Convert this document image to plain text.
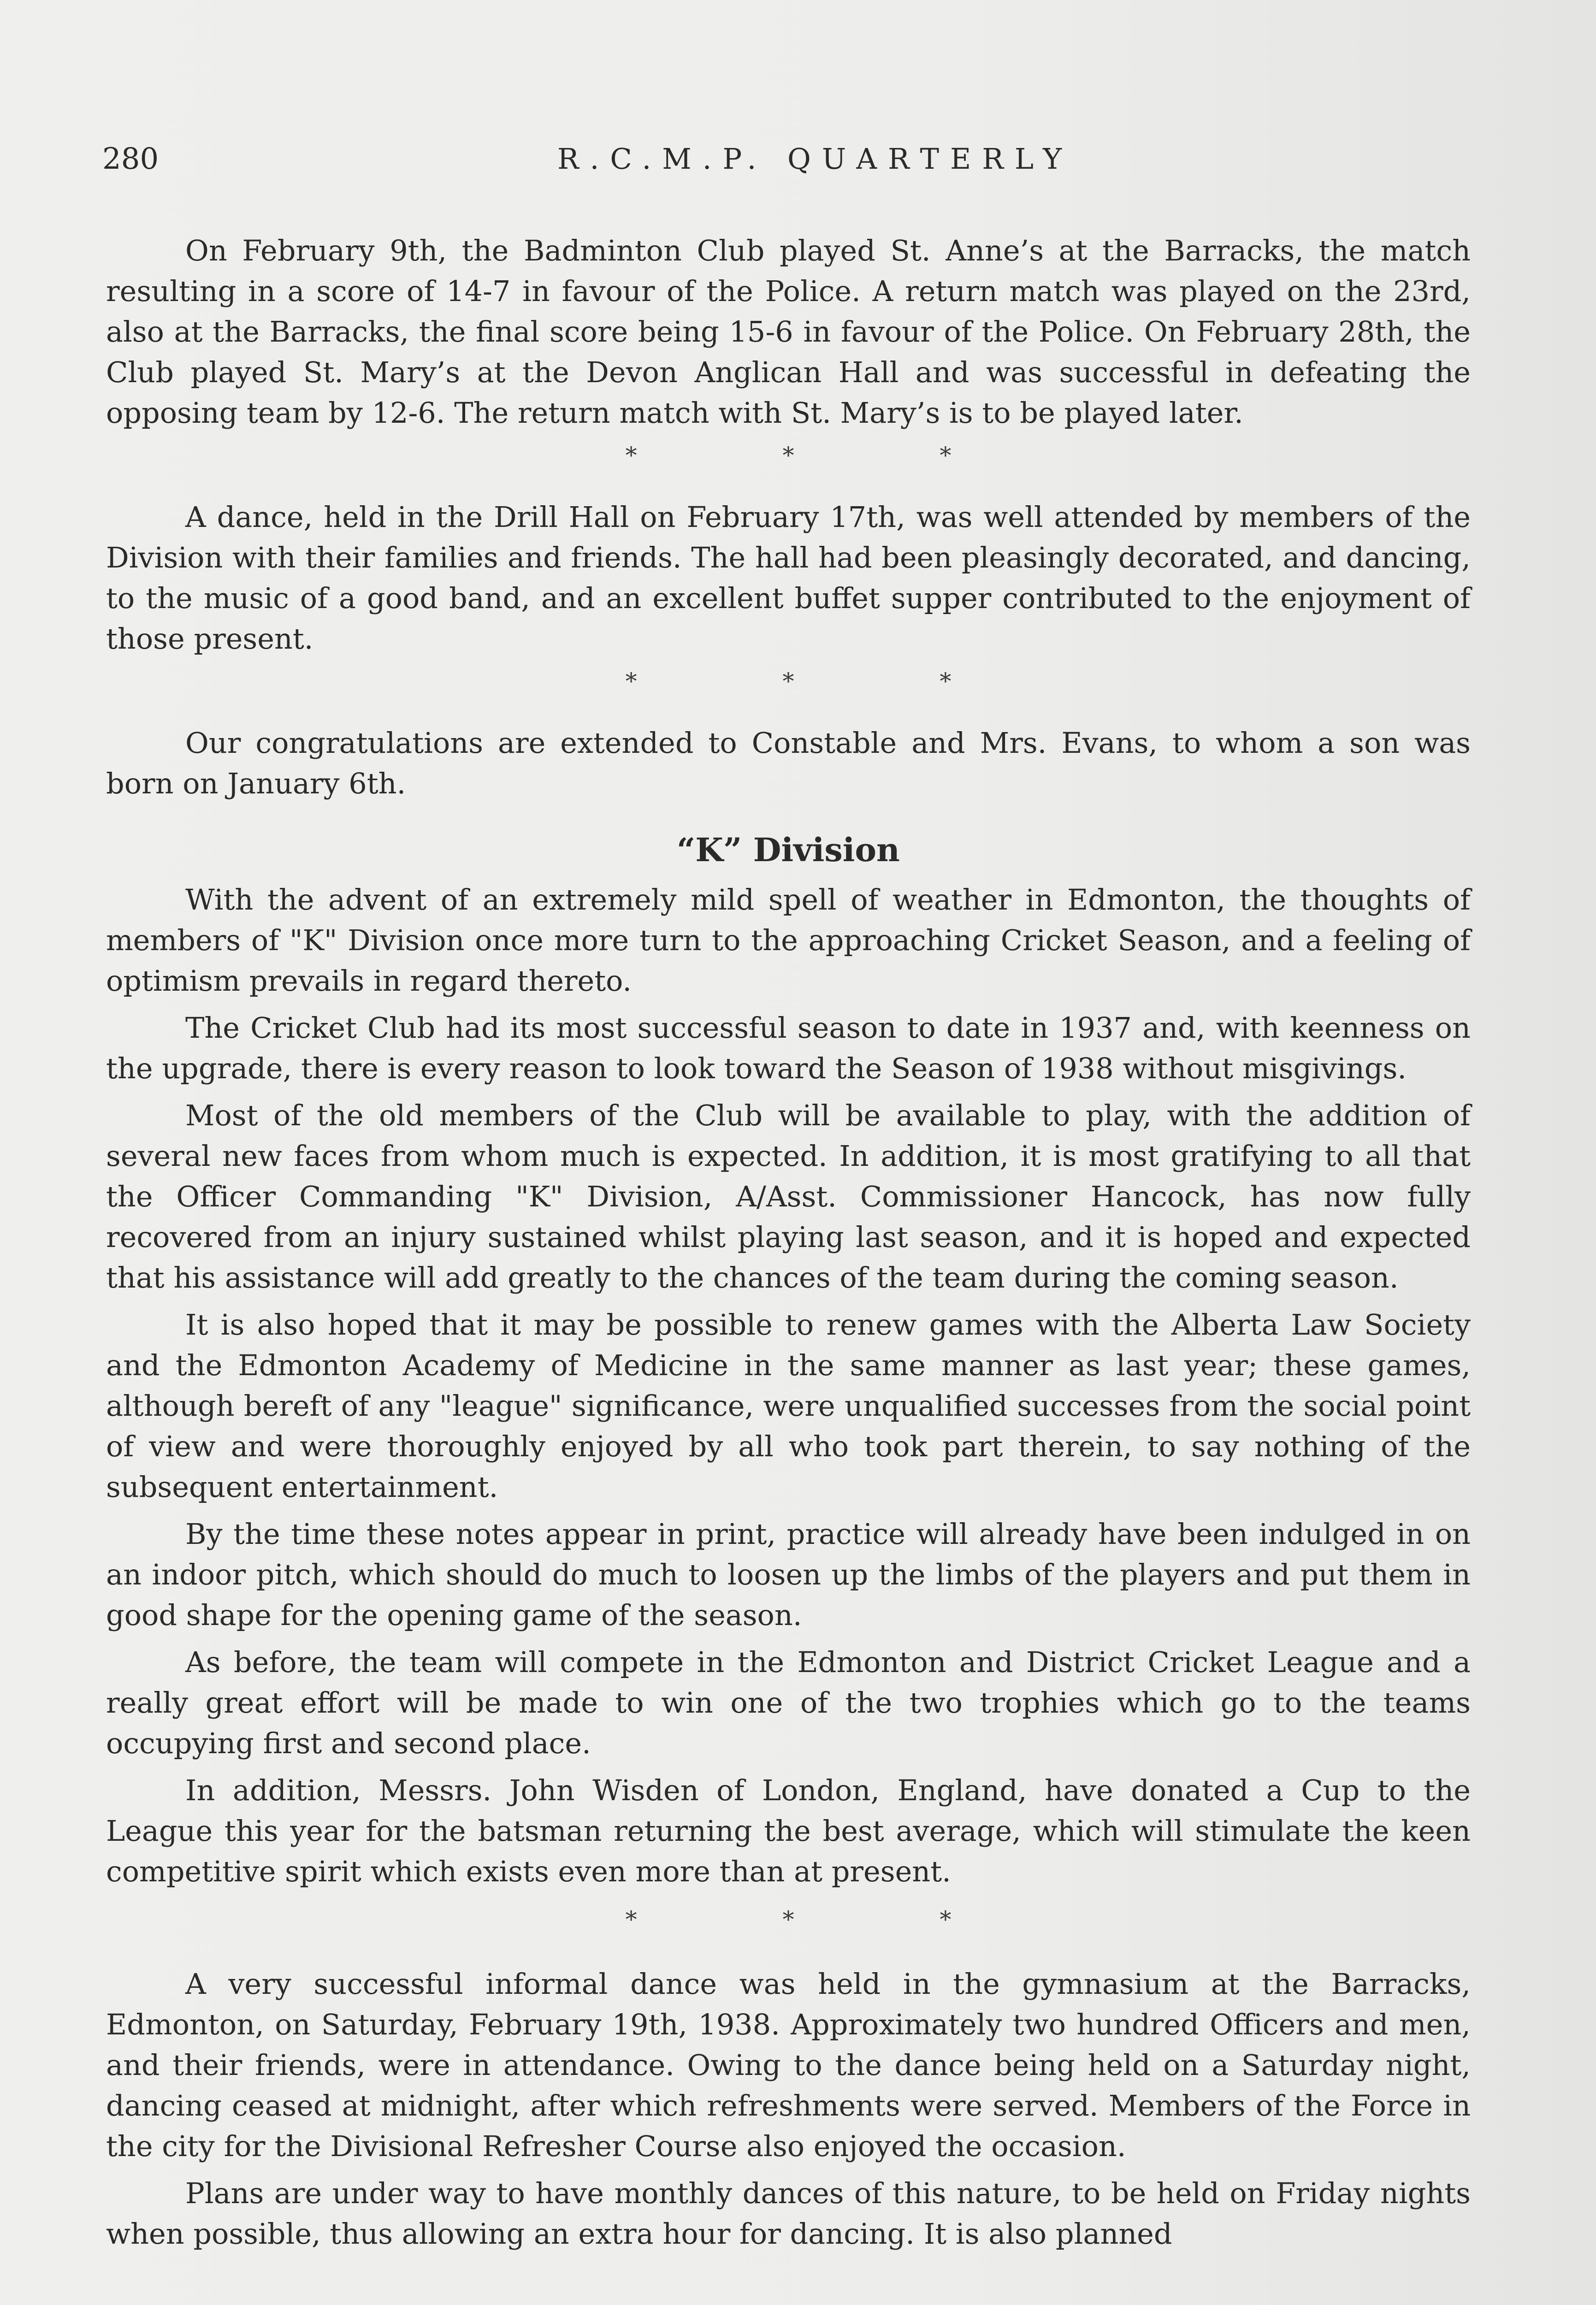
280	R.C.M.P. QUARTERLY

On February 9th, the Badminton Club played St. Anne’s at the Barracks, the match resulting in a score of 14-7 in favour of the Police. A return match was played on the 23rd, also at the Barracks, the final score being 15-6 in favour of the Police. On February 28th, the Club played St. Mary’s at the Devon Anglican Hall and was successful in defeating the opposing team by 12-6. The return match with St. Mary’s is to be played later.

* * *

A dance, held in the Drill Hall on February 17th, was well attended by members of the Division with their families and friends. The hall had been pleasingly decorated, and dancing, to the music of a good band, and an excellent buffet supper contributed to the enjoyment of those present.

* * *

Our congratulations are extended to Constable and Mrs. Evans, to whom a son was born on January 6th.

“K” Division

With the advent of an extremely mild spell of weather in Edmonton, the thoughts of members of "K" Division once more turn to the approaching Cricket Season, and a feeling of optimism prevails in regard thereto.

The Cricket Club had its most successful season to date in 1937 and, with keenness on the upgrade, there is every reason to look toward the Season of 1938 without misgivings.

Most of the old members of the Club will be available to play, with the addition of several new faces from whom much is expected. In addition, it is most gratifying to all that the Officer Commanding "K" Division, A/Asst. Commissioner Hancock, has now fully recovered from an injury sustained whilst playing last season, and it is hoped and expected that his assistance will add greatly to the chances of the team during the coming season.

It is also hoped that it may be possible to renew games with the Alberta Law Society and the Edmonton Academy of Medicine in the same manner as last year; these games, although bereft of any "league" significance, were unqualified successes from the social point of view and were thoroughly enjoyed by all who took part therein, to say nothing of the subsequent entertainment.

By the time these notes appear in print, practice will already have been indulged in on an indoor pitch, which should do much to loosen up the limbs of the players and put them in good shape for the opening game of the season.

As before, the team will compete in the Edmonton and District Cricket League and a really great effort will be made to win one of the two trophies which go to the teams occupying first and second place.

In addition, Messrs. John Wisden of London, England, have donated a Cup to the League this year for the batsman returning the best average, which will stimulate the keen competitive spirit which exists even more than at present.

* * *

A very successful informal dance was held in the gymnasium at the Barracks, Edmonton, on Saturday, February 19th, 1938. Approximately two hundred Officers and men, and their friends, were in attendance. Owing to the dance being held on a Saturday night, dancing ceased at midnight, after which refreshments were served. Members of the Force in the city for the Divisional Refresher Course also enjoyed the occasion.

Plans are under way to have monthly dances of this nature, to be held on Friday nights when possible, thus allowing an extra hour for dancing. It is also planned
